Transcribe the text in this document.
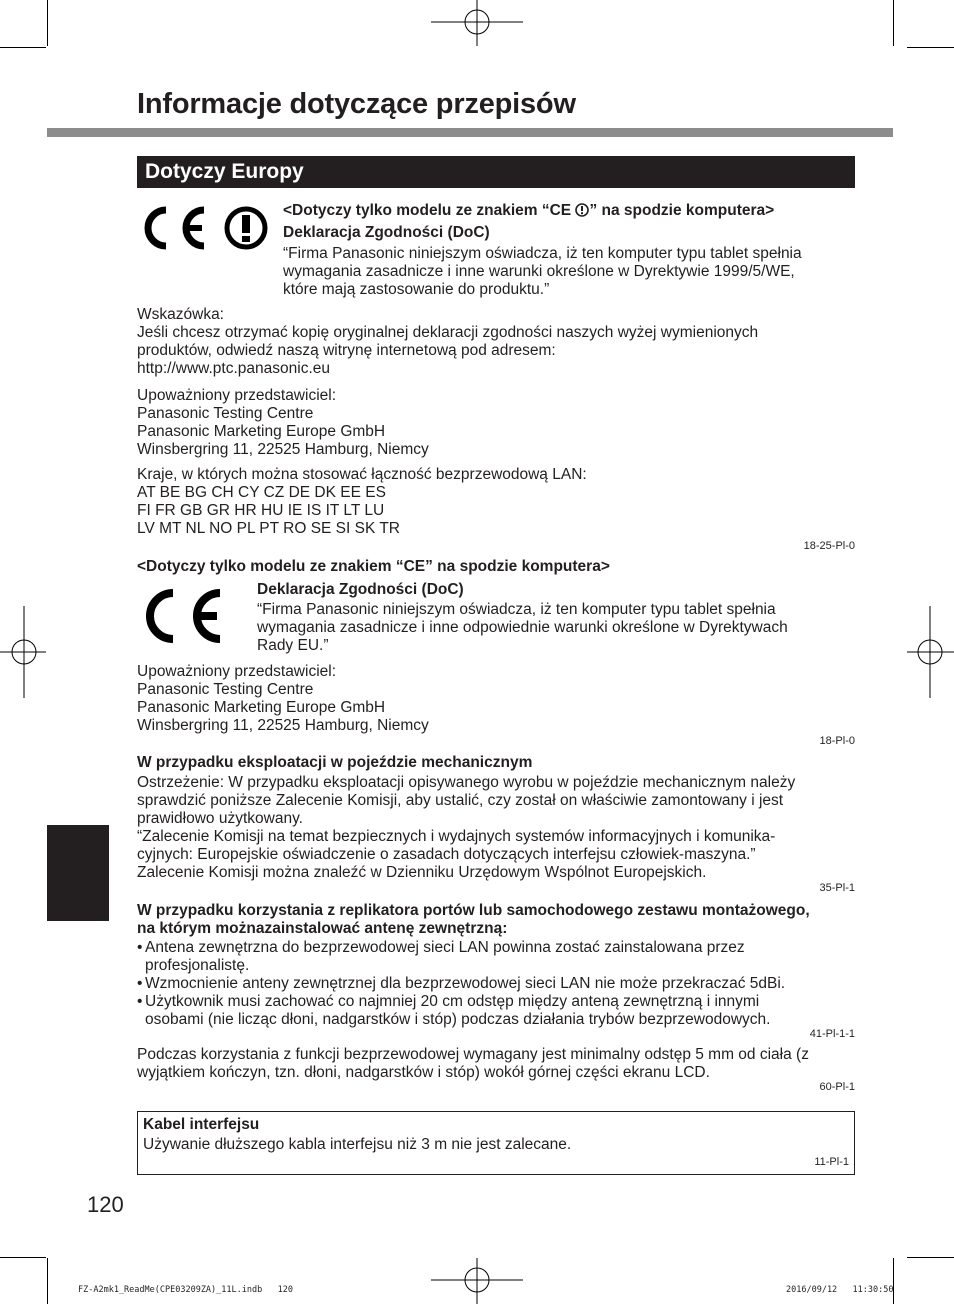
Informacje dotyczące przepisów
Dotyczy Europy
<Dotyczy tylko modelu ze znakiem “CE ” na spodzie komputera>
Deklaracja Zgodności (DoC)
“Firma Panasonic niniejszym oświadcza, iż ten komputer typu tablet spełnia
wymagania zasadnicze i inne warunki określone w Dyrektywie 1999/5/WE,
które mają zastosowanie do produktu.”
Wskazówka:
Jeśli chcesz otrzymać kopię oryginalnej deklaracji zgodności naszych wyżej wymienionych
produktów, odwiedź naszą witrynę internetową pod adresem:
http://www.ptc.panasonic.eu
Upoważniony przedstawiciel:
Panasonic Testing Centre
Panasonic Marketing Europe GmbH
Winsbergring 11, 22525 Hamburg, Niemcy
Kraje, w których można stosować łączność bezprzewodową LAN:
AT BE BG CH CY CZ DE DK EE ES
FI FR GB GR HR HU IE IS IT LT LU
LV MT NL NO PL PT RO SE SI SK TR
18-25-Pl-0
<Dotyczy tylko modelu ze znakiem “CE” na spodzie komputera>
Deklaracja Zgodności (DoC)
“Firma Panasonic niniejszym oświadcza, iż ten komputer typu tablet spełnia
wymagania zasadnicze i inne odpowiednie warunki określone w Dyrektywach
Rady EU.”
Upoważniony przedstawiciel:
Panasonic Testing Centre
Panasonic Marketing Europe GmbH
Winsbergring 11, 22525 Hamburg, Niemcy
18-Pl-0
W przypadku eksploatacji w pojeździe mechanicznym
Ostrzeżenie: W przypadku eksploatacji opisywanego wyrobu w pojeździe mechanicznym należy
sprawdzić poniższe Zalecenie Komisji, aby ustalić, czy został on właściwie zamontowany i jest
prawidłowo użytkowany.
“Zalecenie Komisji na temat bezpiecznych i wydajnych systemów informacyjnych i komunika-
cyjnych: Europejskie oświadczenie o zasadach dotyczących interfejsu człowiek-maszyna.”
Zalecenie Komisji można znaleźć w Dzienniku Urzędowym Wspólnot Europejskich.
35-Pl-1
W przypadku korzystania z replikatora portów lub samochodowego zestawu montażowego,
na którym możnazainstalować antenę zewnętrzną:
• Antena zewnętrzna do bezprzewodowej sieci LAN powinna zostać zainstalowana przez
profesjonalistę.
• Wzmocnienie anteny zewnętrznej dla bezprzewodowej sieci LAN nie może przekraczać 5dBi.
• Użytkownik musi zachować co najmniej 20 cm odstęp między anteną zewnętrzną i innymi
osobami (nie licząc dłoni, nadgarstków i stóp) podczas działania trybów bezprzewodowych.
41-Pl-1-1
Podczas korzystania z funkcji bezprzewodowej wymagany jest minimalny odstęp 5 mm od ciała (z
wyjątkiem kończyn, tzn. dłoni, nadgarstków i stóp) wokół górnej części ekranu LCD.
60-Pl-1
Kabel interfejsu
Używanie dłuższego kabla interfejsu niż 3 m nie jest zalecane.
11-Pl-1
120
FZ-A2mk1_ReadMe(CPE03209ZA)_11L.indb   120	2016/09/12   11:30:50
